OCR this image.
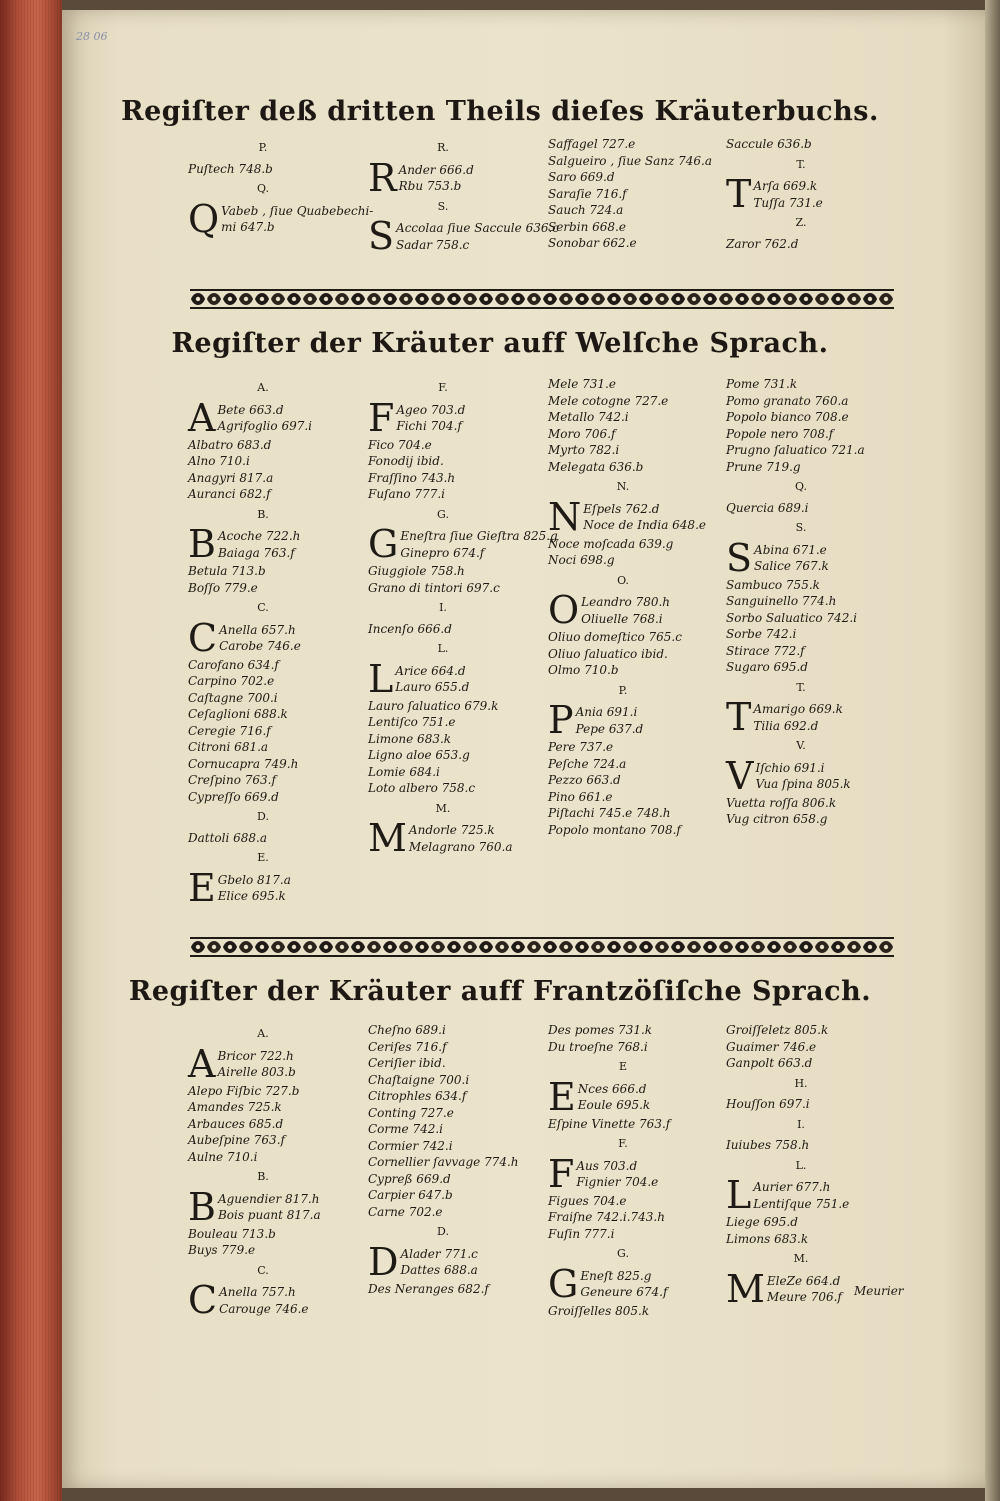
28 06
Regiſter deß dritten Theils dieſes Kräuterbuchs.
P.
Puſtech 748.b
Q.
Q Vabeb , ſiue Quabebechi-
mi 647.b
R.
R Ander 666.d
Rbu 753.b
S.
S Accolaa ſiue Saccule 636.c
Sadar 758.c
Saffagel 727.e
Salgueiro , ſiue Sanz 746.a
Saro 669.d
Saraſie 716.f
Sauch 724.a
Serbin 668.e
Sonobar 662.e
Saccule 636.b
T.
T Arſa 669.k
Tuſſa 731.e
Z.
Zaror 762.d
Regiſter der Kräuter auff Welſche Sprach.
A.
A Bete 663.d
Agrifoglio 697.i
Albatro 683.d
Alno 710.i
Anagyri 817.a
Auranci 682.f
B.
B Acoche 722.h
Baiaga 763.f
Betula 713.b
Boſſo 779.e
C.
C Anella 657.h
Carobe 746.e
Carofano 634.f
Carpino 702.e
Caſtagne 700.i
Ceſaglioni 688.k
Ceregie 716.f
Citroni 681.a
Cornucapra 749.h
Creſpino 763.f
Cypreſſo 669.d
D.
Dattoli 688.a
E.
E Gbelo 817.a
Elice 695.k
F.
F Ageo 703.d
Fichi 704.f
Fico 704.e
Fonodij ibid.
Fraſſino 743.h
Fuſano 777.i
G.
G Eneſtra ſiue Gieſtra 825.g
Ginepro 674.f
Giuggiole 758.h
Grano di tintori 697.c
I.
Incenſo 666.d
L.
L Arice 664.d
Lauro 655.d
Lauro ſaluatico 679.k
Lentiſco 751.e
Limone 683.k
Ligno aloe 653.g
Lomie 684.i
Loto albero 758.c
M.
M Andorle 725.k
Melagrano 760.a
Mele 731.e
Mele cotogne 727.e
Metallo 742.i
Moro 706.f
Myrto 782.i
Melegata 636.b
N.
N Eſpels 762.d
Noce de India 648.e
Noce moſcada 639.g
Noci 698.g
O.
O Leandro 780.h
Oliuelle 768.i
Oliuo domeſtico 765.c
Oliuo ſaluatico ibid.
Olmo 710.b
P.
P Ania 691.i
Pepe 637.d
Pere 737.e
Peſche 724.a
Pezzo 663.d
Pino 661.e
Piſtachi 745.e 748.h
Popolo montano 708.f
Pome 731.k
Pomo granato 760.a
Popolo bianco 708.e
Popole nero 708.f
Prugno ſaluatico 721.a
Prune 719.g
Q.
Quercia 689.i
S.
S Abina 671.e
Salice 767.k
Sambuco 755.k
Sanguinello 774.h
Sorbo Saluatico 742.i
Sorbe 742.i
Stirace 772.f
Sugaro 695.d
T.
T Amarigo 669.k
Tilia 692.d
V.
V Iſchio 691.i
Vua ſpina 805.k
Vuetta roſſa 806.k
Vug citron 658.g
Regiſter der Kräuter auff Frantzöſiſche Sprach.
A.
A Bricor 722.h
Airelle 803.b
Alepo Fiſbic 727.b
Amandes 725.k
Arbauces 685.d
Aubeſpine 763.f
Aulne 710.i
B.
B Aguendier 817.h
Bois puant 817.a
Bouleau 713.b
Buys 779.e
C.
C Anella 757.h
Carouge 746.e
Cheſno 689.i
Ceriſes 716.f
Ceriſier ibid.
Chaſtaigne 700.i
Citrophles 634.f
Conting 727.e
Corme 742.i
Cormier 742.i
Cornellier ſavvage 774.h
Cypreß 669.d
Carpier 647.b
Carne 702.e
D.
D Alader 771.c
Dattes 688.a
Des Neranges 682.f
Des pomes 731.k
Du troeſne 768.i
E
E Nces 666.d
Eoule 695.k
Eſpine Vinette 763.f
F.
F Aus 703.d
Fignier 704.e
Figues 704.e
Fraiſne 742.i.743.h
Fuſin 777.i
G.
G Eneſt 825.g
Geneure 674.f
Groiſſelles 805.k
Groiſſeletz 805.k
Guaimer 746.e
Ganpolt 663.d
H.
Houſſon 697.i
I.
Iuiubes 758.h
L.
L Aurier 677.h
Lentiſque 751.e
Liege 695.d
Limons 683.k
M.
M EleZe 664.d
Meure 706.f Meurier
